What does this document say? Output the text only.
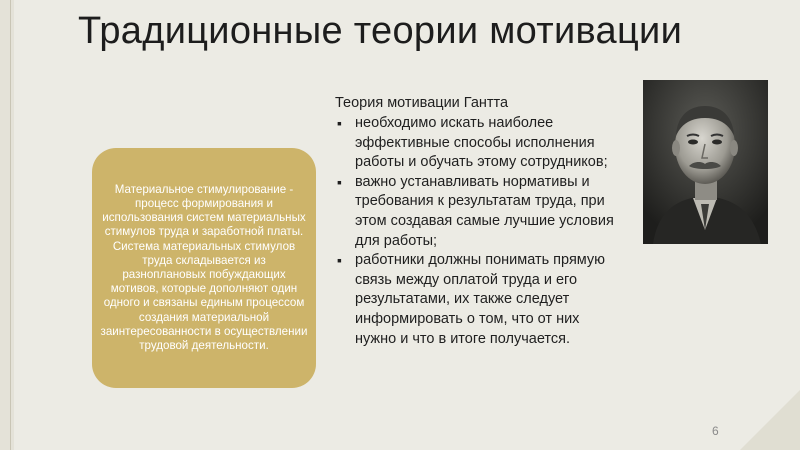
Традиционные теории мотивации
Материальное стимулирование - процесс формирования и использования систем материальных стимулов труда и заработной платы. Система материальных стимулов труда складывается из разноплановых побуждающих мотивов, которые дополняют один одного и связаны единым процессом создания материальной заинтересованности в осуществлении трудовой деятельности.
Теория мотивации Гантта
▪ необходимо искать наиболее эффективные способы исполнения работы и обучать этому сотрудников;
▪ важно устанавливать нормативы и требования к результатам труда, при этом создавая самые лучшие условия для работы;
▪ работники должны понимать прямую связь между оплатой труда и его результатами, их также следует информировать о том, что от них нужно и что в итоге получается.
6
